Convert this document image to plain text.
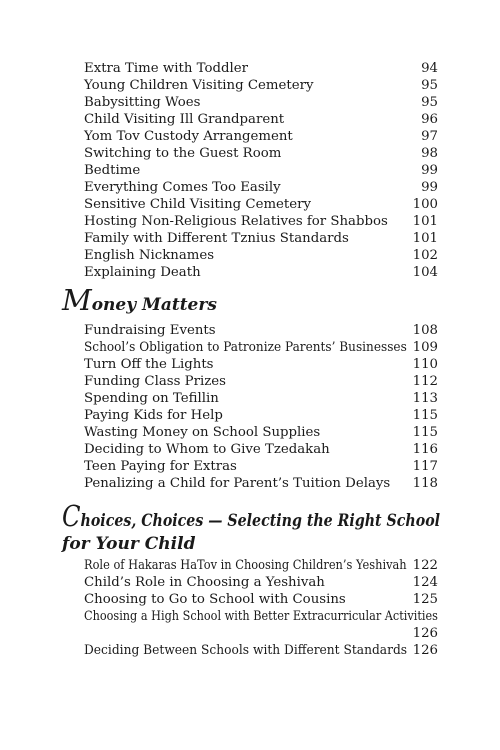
Extra Time with Toddler	94
Young Children Visiting Cemetery	95
Babysitting Woes	95
Child Visiting Ill Grandparent	96
Yom Tov Custody Arrangement	97
Switching to the Guest Room	98
Bedtime	99
Everything Comes Too Easily	99
Sensitive Child Visiting Cemetery	100
Hosting Non-Religious Relatives for Shabbos 101
Family with Different Tznius Standards	101
English Nicknames	102
Explaining Death	104
Money Matters
Fundraising Events	108
School’s Obligation to Patronize Parents’ Businesses 109
Turn Off the Lights	110
Funding Class Prizes	112
Spending on Tefillin	113
Paying Kids for Help	115
Wasting Money on School Supplies	115
Deciding to Whom to Give Tzedakah	116
Teen Paying for Extras	117
Penalizing a Child for Parent’s Tuition Delays 118
Choices, Choices — Selecting the Right School
for Your Child
Role of Hakaras HaTov in Choosing Children’s Yeshivah 122
Child’s Role in Choosing a Yeshivah	124
Choosing to Go to School with Cousins	125
Choosing a High School with Better Extracurricular Activities
126
Deciding Between Schools with Different Standards 126
